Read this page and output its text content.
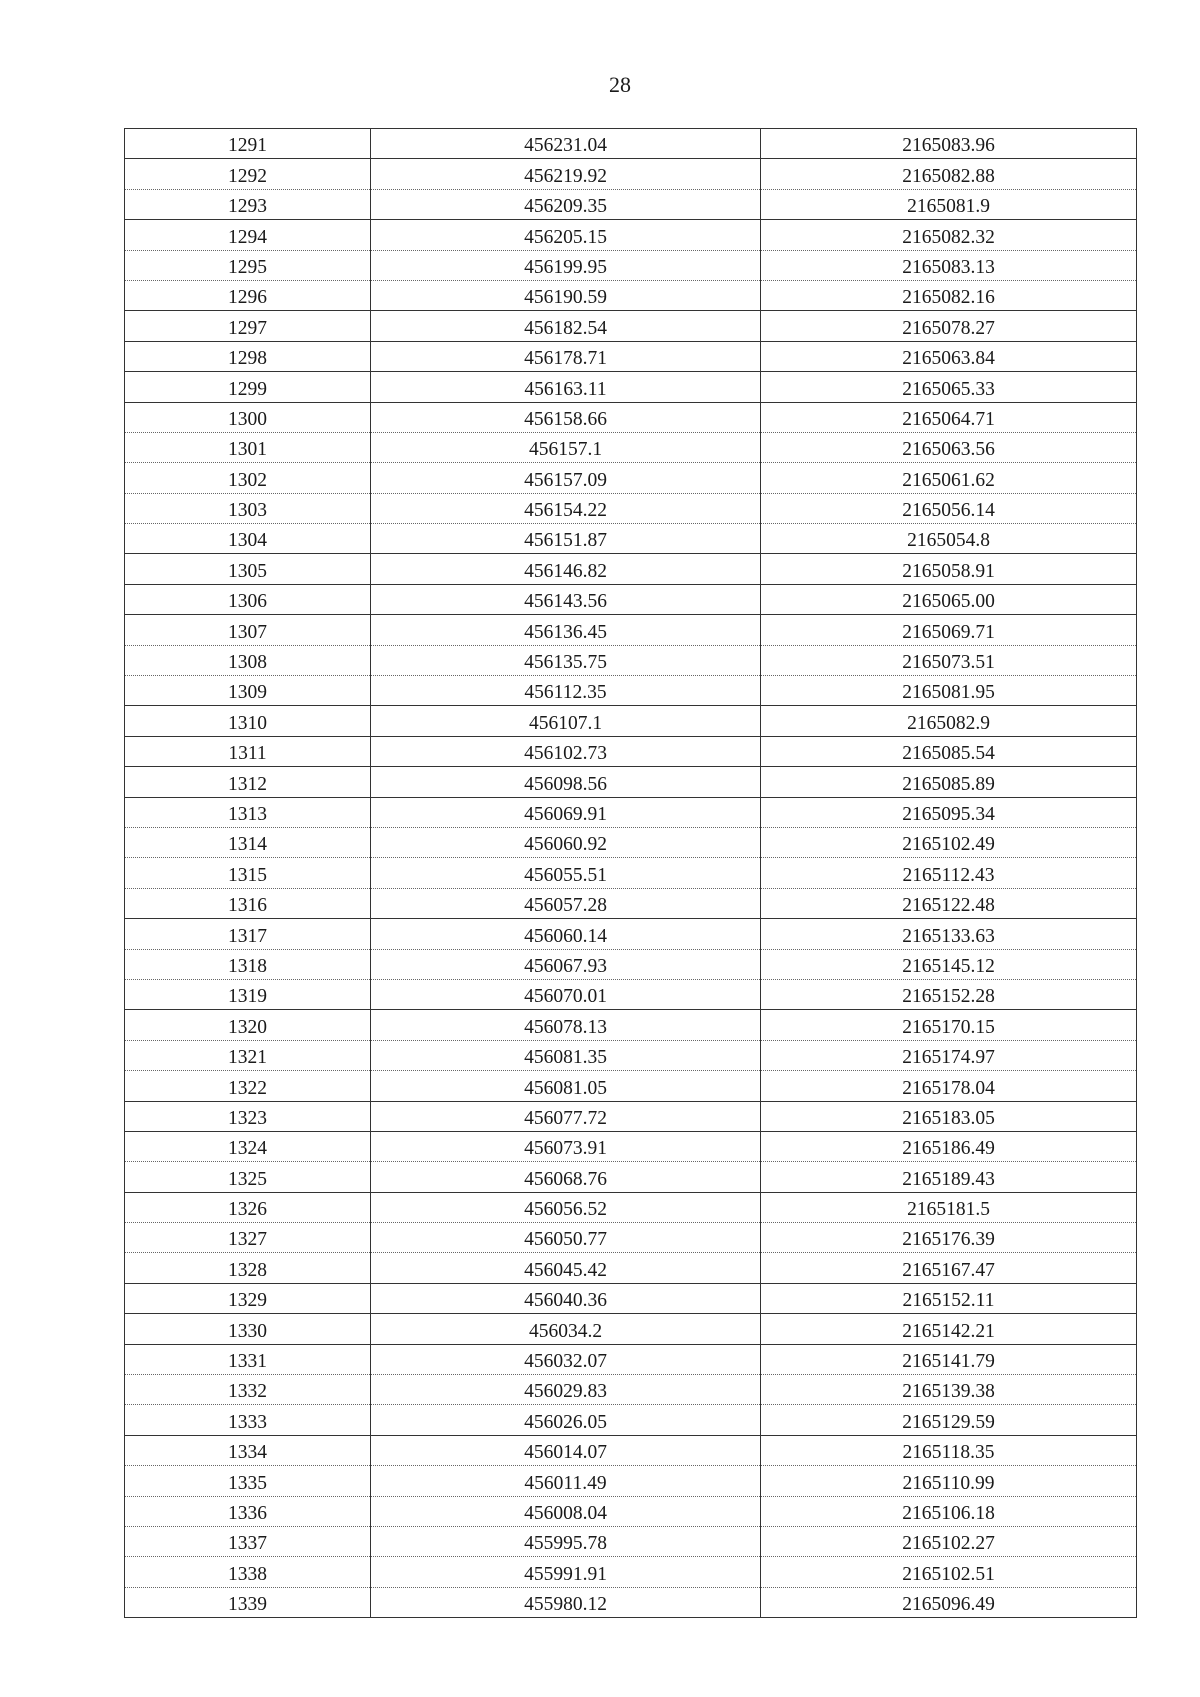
28
1291	456231.04	2165083.96
1292	456219.92	2165082.88
1293	456209.35	2165081.9
1294	456205.15	2165082.32
1295	456199.95	2165083.13
1296	456190.59	2165082.16
1297	456182.54	2165078.27
1298	456178.71	2165063.84
1299	456163.11	2165065.33
1300	456158.66	2165064.71
1301	456157.1	2165063.56
1302	456157.09	2165061.62
1303	456154.22	2165056.14
1304	456151.87	2165054.8
1305	456146.82	2165058.91
1306	456143.56	2165065.00
1307	456136.45	2165069.71
1308	456135.75	2165073.51
1309	456112.35	2165081.95
1310	456107.1	2165082.9
1311	456102.73	2165085.54
1312	456098.56	2165085.89
1313	456069.91	2165095.34
1314	456060.92	2165102.49
1315	456055.51	2165112.43
1316	456057.28	2165122.48
1317	456060.14	2165133.63
1318	456067.93	2165145.12
1319	456070.01	2165152.28
1320	456078.13	2165170.15
1321	456081.35	2165174.97
1322	456081.05	2165178.04
1323	456077.72	2165183.05
1324	456073.91	2165186.49
1325	456068.76	2165189.43
1326	456056.52	2165181.5
1327	456050.77	2165176.39
1328	456045.42	2165167.47
1329	456040.36	2165152.11
1330	456034.2	2165142.21
1331	456032.07	2165141.79
1332	456029.83	2165139.38
1333	456026.05	2165129.59
1334	456014.07	2165118.35
1335	456011.49	2165110.99
1336	456008.04	2165106.18
1337	455995.78	2165102.27
1338	455991.91	2165102.51
1339	455980.12	2165096.49
